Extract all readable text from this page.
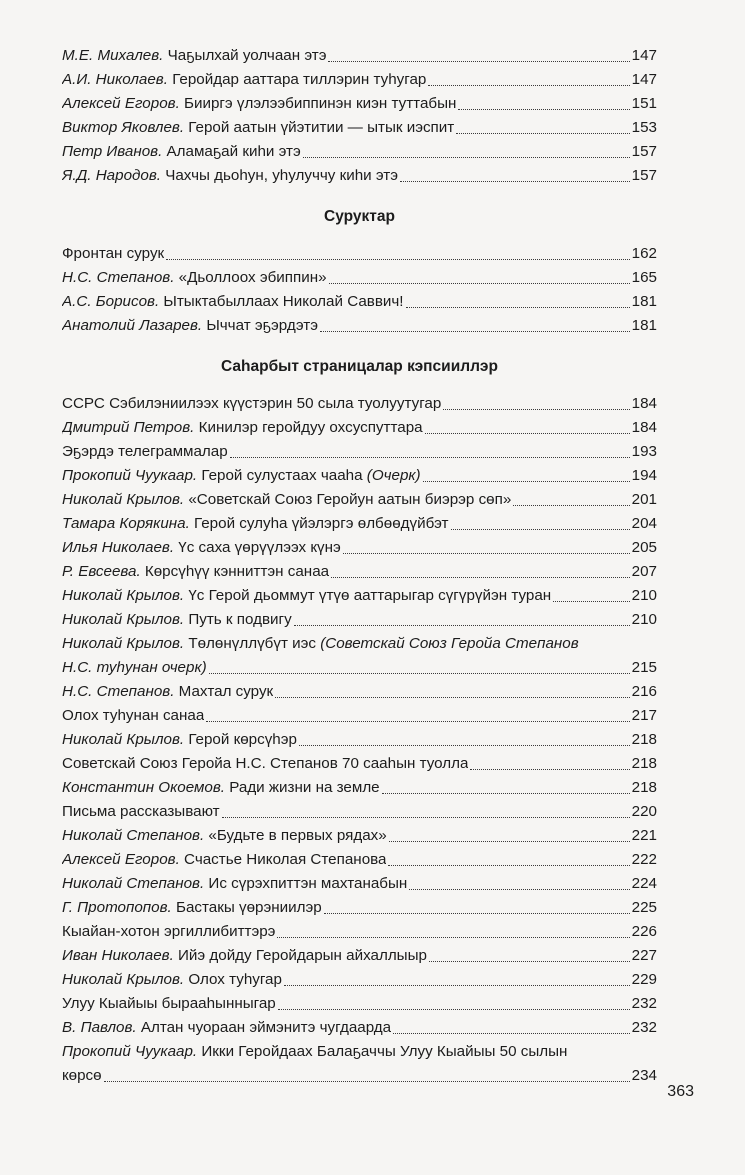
М.Е. Михалев. Чаҕылхай уолчаан этэ	147
А.И. Николаев. Геройдар ааттара тиллэрин туһугар	147
Алексей Егоров. Бииргэ үлэлээбиппинэн киэн туттабын	151
Виктор Яковлев. Герой аатын үйэтитии — ытык иэспит	153
Петр Иванов. Аламаҕай киһи этэ	157
Я.Д. Народов. Чахчы дьоһун, уһулуччу киһи этэ	157
Суруктар
Фронтан сурук	162
Н.С. Степанов. «Дьоллоох эбиппин»	165
А.С. Борисов. Ытыктабыллаах Николай Саввич!	181
Анатолий Лазарев. Ыччат эҕэрдэтэ	181
Саһарбыт страницалар кэпсииллэр
ССРС Сэбилэниилээх күүстэрин 50 сыла туолуутугар	184
Дмитрий Петров. Кинилэр геройдуу охсуспуттара	184
Эҕэрдэ телеграммалар	193
Прокопий Чуукаар. Герой сулустаах чааһа (Очерк)	194
Николай Крылов. «Советскай Союз Геройун аатын биэрэр сөп»	201
Тамара Корякина. Герой сулуһа үйэлэргэ өлбөөдүйбэт	204
Илья Николаев. Үс саха үөрүүлээх күнэ	205
Р. Евсеева. Көрсүһүү кэнниттэн санаа	207
Николай Крылов. Үс Герой дьоммут үтүө ааттарыгар сүгүрүйэн туран	210
Николай Крылов. Путь к подвигу	210
Николай Крылов. Төлөнүллүбүт иэс (Советскай Союз Геройа Степанов
Н.С. туһунан очерк)	215
Н.С. Степанов. Махтал сурук	216
Олох туһунан санаа	217
Николай Крылов. Герой көрсүһэр	218
Советскай Союз Геройа Н.С. Степанов 70 сааһын туолла	218
Константин Окоемов. Ради жизни на земле	218
Письма рассказывают	220
Николай Степанов. «Будьте в первых рядах»	221
Алексей Егоров. Счастье Николая Степанова	222
Николай Степанов. Ис сүрэхпиттэн махтанабын	224
Г. Протопопов. Бастакы үөрэниилэр	225
Кыайан-хотон эргиллибиттэрэ	226
Иван Николаев. Ийэ дойду Геройдарын айхаллыыр	227
Николай Крылов. Олох туһугар	229
Улуу Кыайыы бырааһынныгар	232
В. Павлов. Алтан чуораан эймэнитэ чугдаарда	232
Прокопий Чуукаар. Икки Геройдаах Балаҕаччы Улуу Кыайыы 50 сылын
көрсө	234
363
